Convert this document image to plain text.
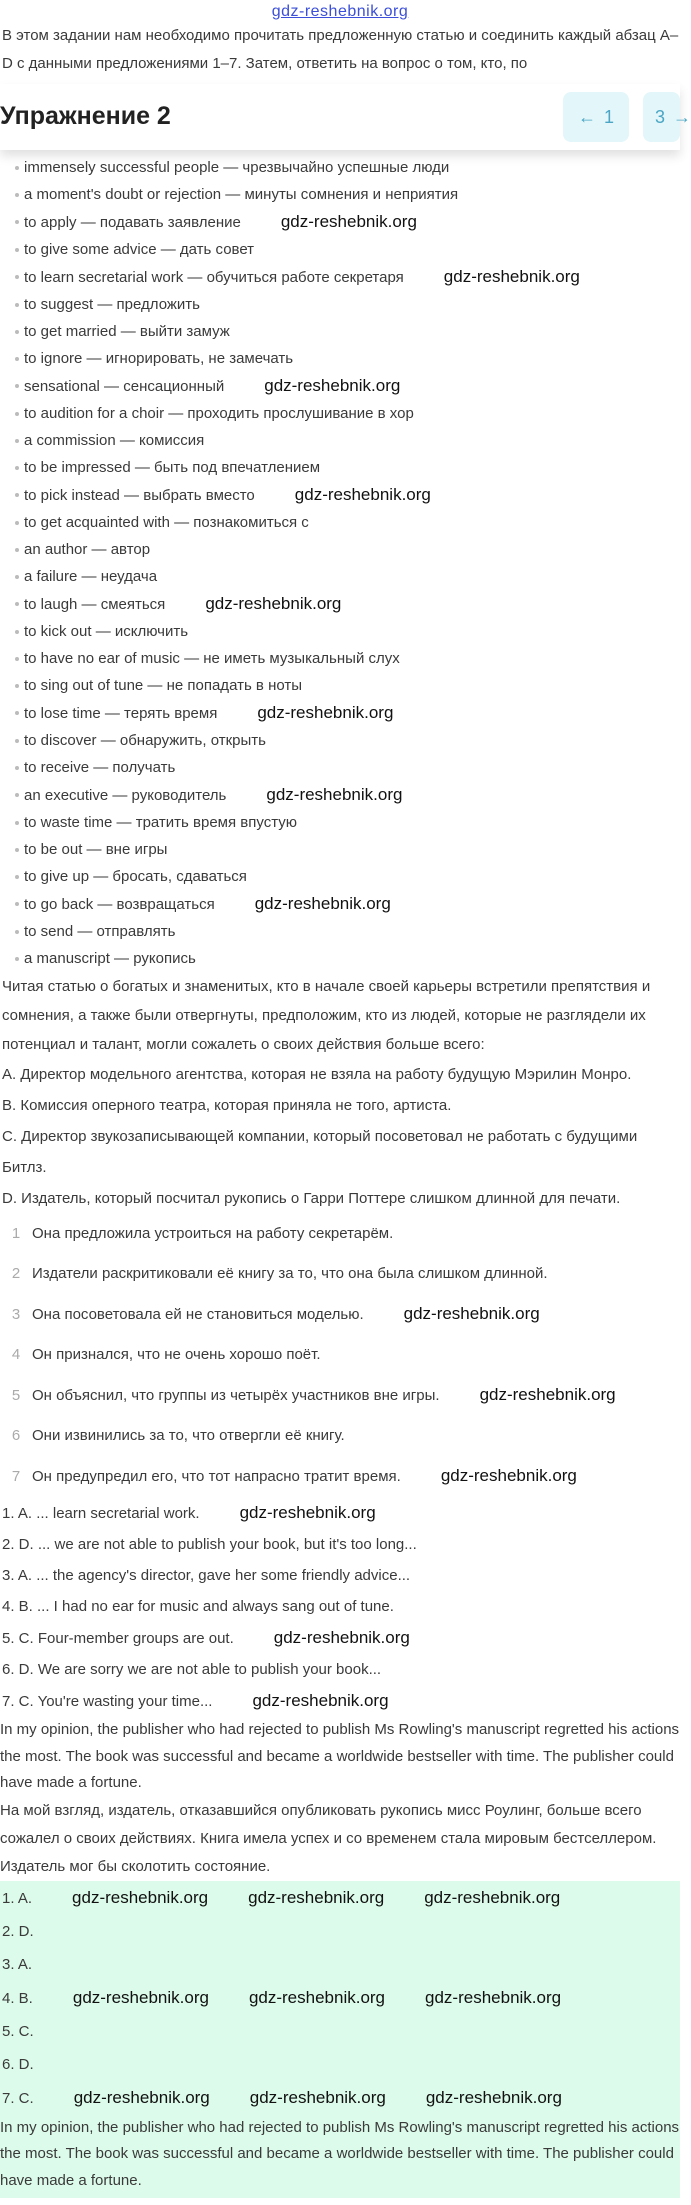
gdz-reshebnik.org
В этом задании нам необходимо прочитать предложенную статью и соединить каждый абзац A–D с данными предложениями 1–7. Затем, ответить на вопрос о том, кто, по
Упражнение 2	← 1 3 →
immensely successful people — чрезвычайно успешные люди
a moment's doubt or rejection — минуты сомнения и неприятия
to apply — подавать заявление gdz-reshebnik.org
to give some advice — дать совет
to learn secretarial work — обучиться работе секретаря gdz-reshebnik.org
to suggest — предложить
to get married — выйти замуж
to ignore — игнорировать, не замечать
sensational — сенсационный gdz-reshebnik.org
to audition for a choir — проходить прослушивание в хор
a commission — комиссия
to be impressed — быть под впечатлением
to pick instead — выбрать вместо gdz-reshebnik.org
to get acquainted with — познакомиться с
an author — автор
a failure — неудача
to laugh — смеяться gdz-reshebnik.org
to kick out — исключить
to have no ear of music — не иметь музыкальный слух
to sing out of tune — не попадать в ноты
to lose time — терять время gdz-reshebnik.org
to discover — обнаружить, открыть
to receive — получать
an executive — руководитель gdz-reshebnik.org
to waste time — тратить время впустую
to be out — вне игры
to give up — бросать, сдаваться
to go back — возвращаться gdz-reshebnik.org
to send — отправлять
a manuscript — рукопись
Читая статью о богатых и знаменитых, кто в начале своей карьеры встретили препятствия и сомнения, а также были отвергнуты, предположим, кто из людей, которые не разглядели их потенциал и талант, могли сожалеть о своих действия больше всего:
A. Директор модельного агентства, которая не взяла на работу будущую Мэрилин Монро.
B. Комиссия оперного театра, которая приняла не того, артиста.
C. Директор звукозаписывающей компании, который посоветовал не работать с будущими Битлз.
D. Издатель, который посчитал рукопись о Гарри Поттере слишком длинной для печати.
1 Она предложила устроиться на работу секретарём.
2 Издатели раскритиковали её книгу за то, что она была слишком длинной.
3 Она посоветовала ей не становиться моделью. gdz-reshebnik.org
4 Он признался, что не очень хорошо поёт.
5 Он объяснил, что группы из четырёх участников вне игры. gdz-reshebnik.org
6 Они извинились за то, что отвергли её книгу.
7 Он предупредил его, что тот напрасно тратит время. gdz-reshebnik.org
1. A. ... learn secretarial work. gdz-reshebnik.org
2. D. ... we are not able to publish your book, but it's too long...
3. A. ... the agency's director, gave her some friendly advice...
4. B. ... I had no ear for music and always sang out of tune.
5. C. Four-member groups are out. gdz-reshebnik.org
6. D. We are sorry we are not able to publish your book...
7. C. You're wasting your time... gdz-reshebnik.org
In my opinion, the publisher who had rejected to publish Ms Rowling's manuscript regretted his actions the most. The book was successful and became a worldwide bestseller with time. The publisher could have made a fortune.
На мой взгляд, издатель, отказавшийся опубликовать рукопись мисс Роулинг, больше всего сожалел о своих действиях. Книга имела успех и со временем стала мировым бестселлером. Издатель мог бы сколотить состояние.
1. A. gdz-reshebnik.org gdz-reshebnik.org gdz-reshebnik.org
2. D.
3. A.
4. B. gdz-reshebnik.org gdz-reshebnik.org gdz-reshebnik.org
5. C.
6. D.
7. C. gdz-reshebnik.org gdz-reshebnik.org gdz-reshebnik.org
In my opinion, the publisher who had rejected to publish Ms Rowling's manuscript regretted his actions the most. The book was successful and became a worldwide bestseller with time. The publisher could have made a fortune.
